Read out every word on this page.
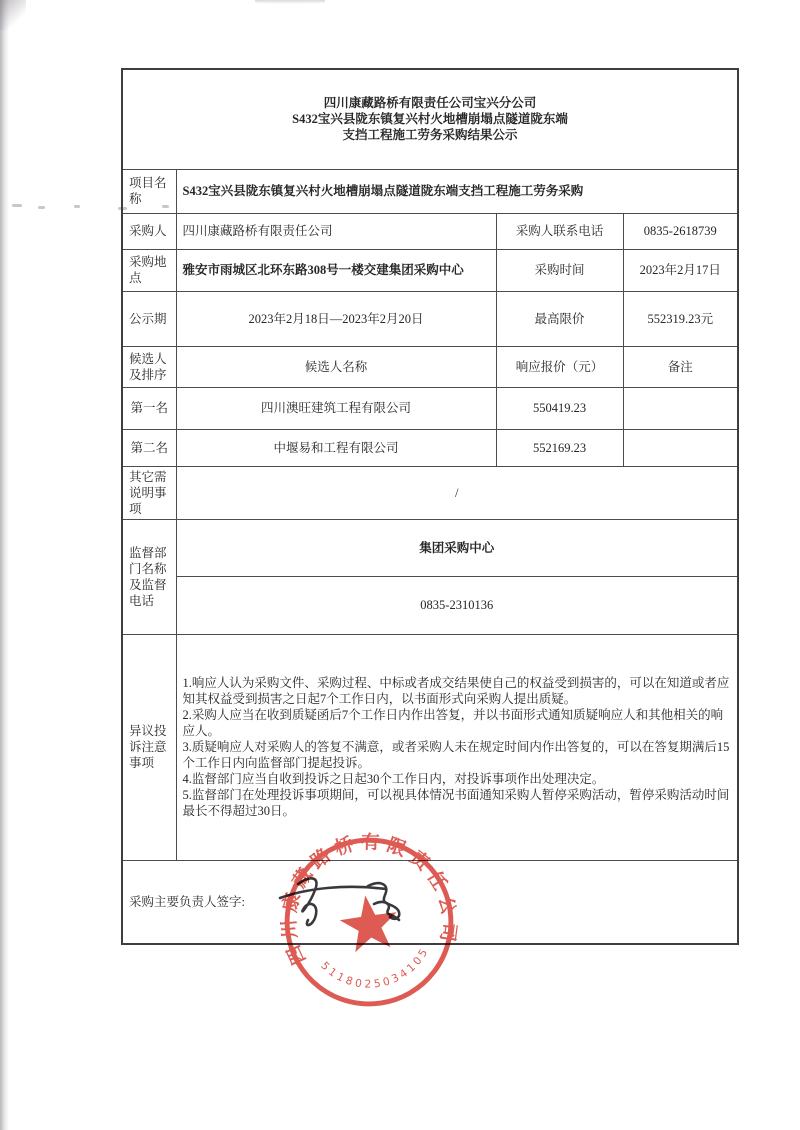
四川康藏路桥有限责任公司宝兴分公司
S432宝兴县陇东镇复兴村火地槽崩塌点隧道陇东端
支挡工程施工劳务采购结果公示			

项目名称	S432宝兴县陇东镇复兴村火地槽崩塌点隧道陇东端支挡工程施工劳务采购		
采购人	四川康藏路桥有限责任公司	采购人联系电话	0835-2618739
采购地点	雅安市雨城区北环东路308号一楼交建集团采购中心	采购时间	2023年2月17日
公示期	2023年2月18日—2023年2月20日	最高限价	552319.23元
候选人及排序	候选人名称	响应报价（元）	备注
第一名	四川澳旺建筑工程有限公司	550419.23	
第二名	中堰易和工程有限公司	552169.23	
其它需说明事项	/		
监督部门名称及监督电话	集团采购中心		
	0835-2310136		
异议投诉注意事项	1.响应人认为采购文件、采购过程、中标或者成交结果使自己的权益受到损害的，可以在知道或者应知其权益受到损害之日起7个工作日内，以书面形式向采购人提出质疑。

2.采购人应当在收到质疑函后7个工作日内作出答复，并以书面形式通知质疑响应人和其他相关的响应人。

3.质疑响应人对采购人的答复不满意，或者采购人未在规定时间内作出答复的，可以在答复期满后15个工作日内向监督部门提起投诉。

4.监督部门应当自收到投诉之日起30个工作日内，对投诉事项作出处理决定。

5.监督部门在处理投诉事项期间，可以视具体情况书面通知采购人暂停采购活动，暂停采购活动时间最长不得超过30日。		

采购主要负责人签字:			
四川康藏路桥有限责任公司
5118025034105
